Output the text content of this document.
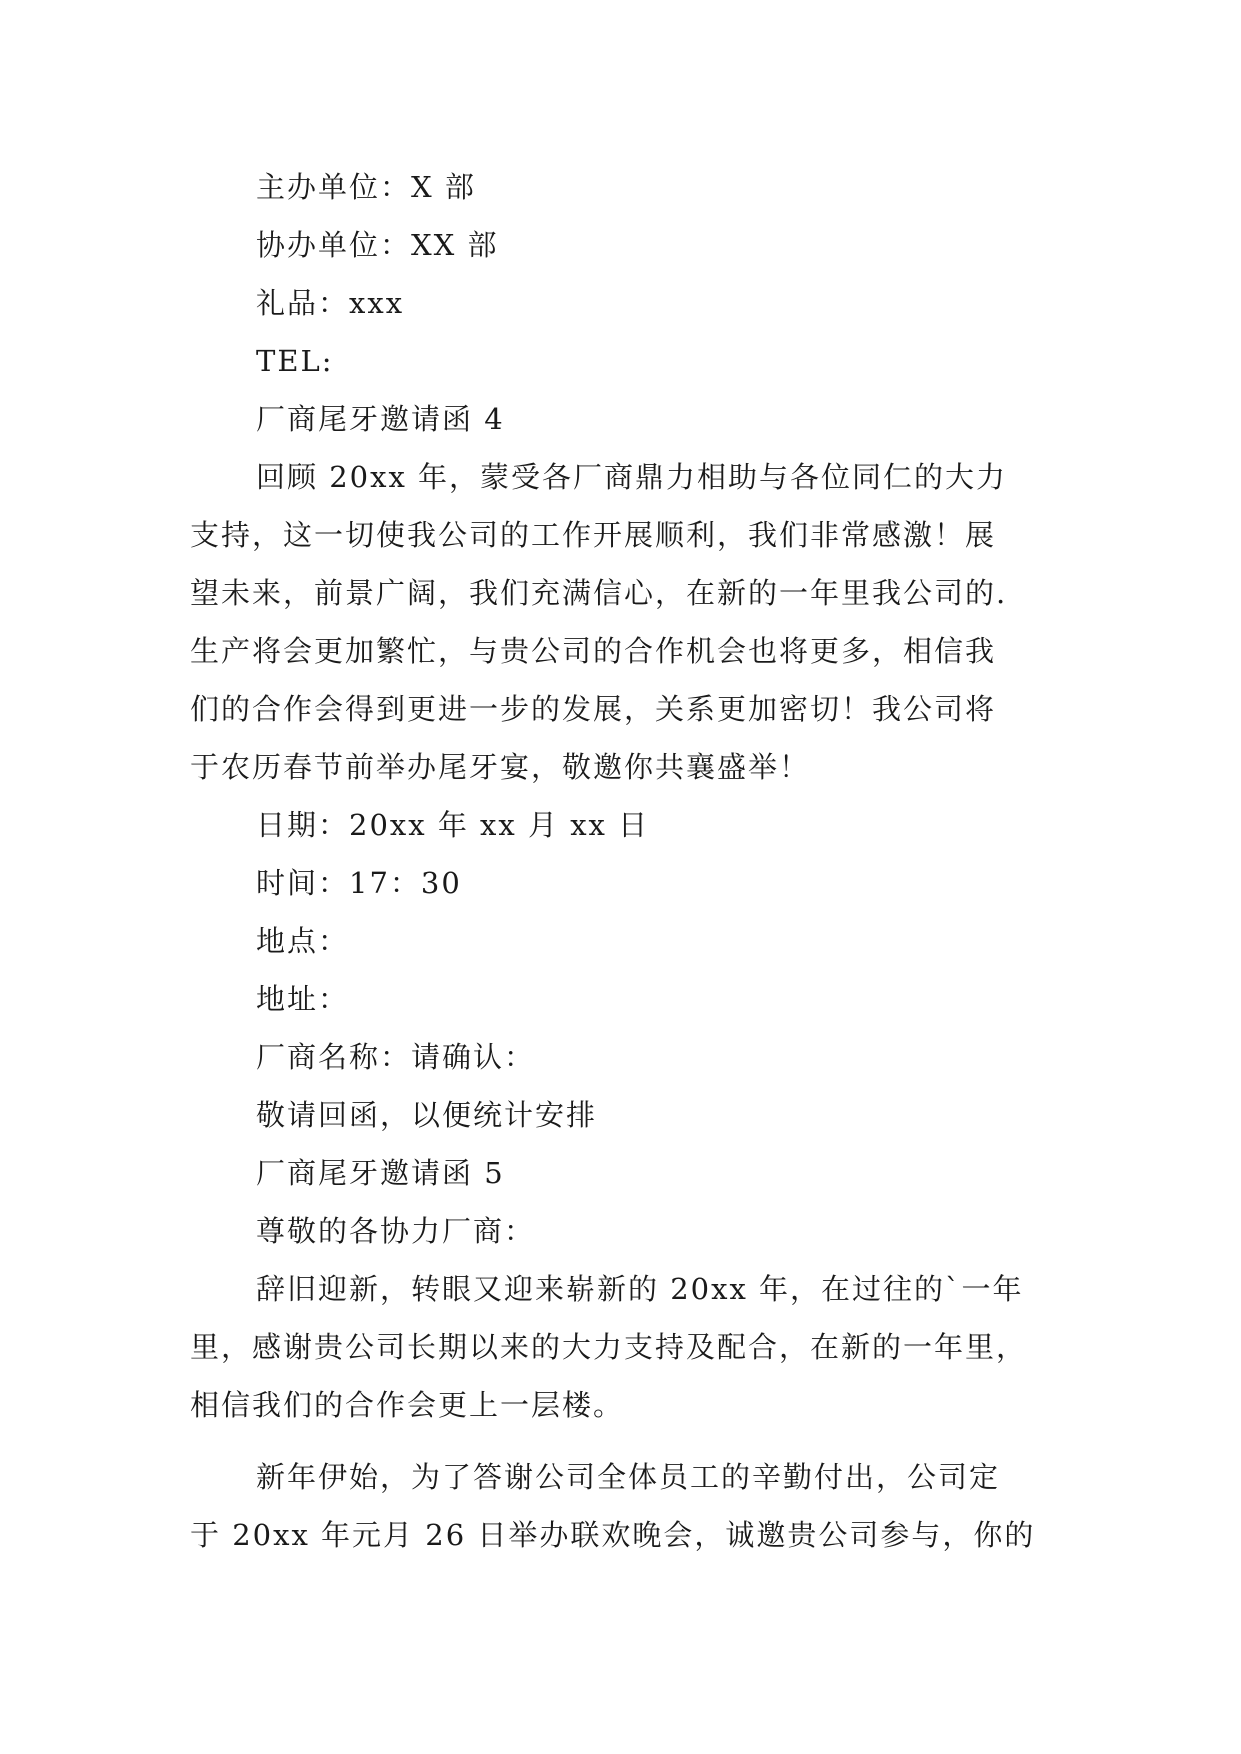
主办单位：X 部
协办单位：XX 部
礼品：xxx
TEL:
厂商尾牙邀请函 4

回顾 20xx 年，蒙受各厂商鼎力相助与各位同仁的大力
支持，这一切使我公司的工作开展顺利，我们非常感激！展
望未来，前景广阔，我们充满信心，在新的一年里我公司的.
生产将会更加繁忙，与贵公司的合作机会也将更多，相信我
们的合作会得到更进一步的发展，关系更加密切！我公司将
于农历春节前举办尾牙宴，敬邀你共襄盛举！

日期：20xx 年 xx 月 xx 日
时间：17：30
地点：
地址：
厂商名称：请确认：
敬请回函，以便统计安排
厂商尾牙邀请函 5
尊敬的各协力厂商：

辞旧迎新，转眼又迎来崭新的 20xx 年，在过往的`一年
里，感谢贵公司长期以来的大力支持及配合，在新的一年里，
相信我们的合作会更上一层楼。

新年伊始，为了答谢公司全体员工的辛勤付出，公司定
于 20xx 年元月 26 日举办联欢晚会，诚邀贵公司参与，你的
